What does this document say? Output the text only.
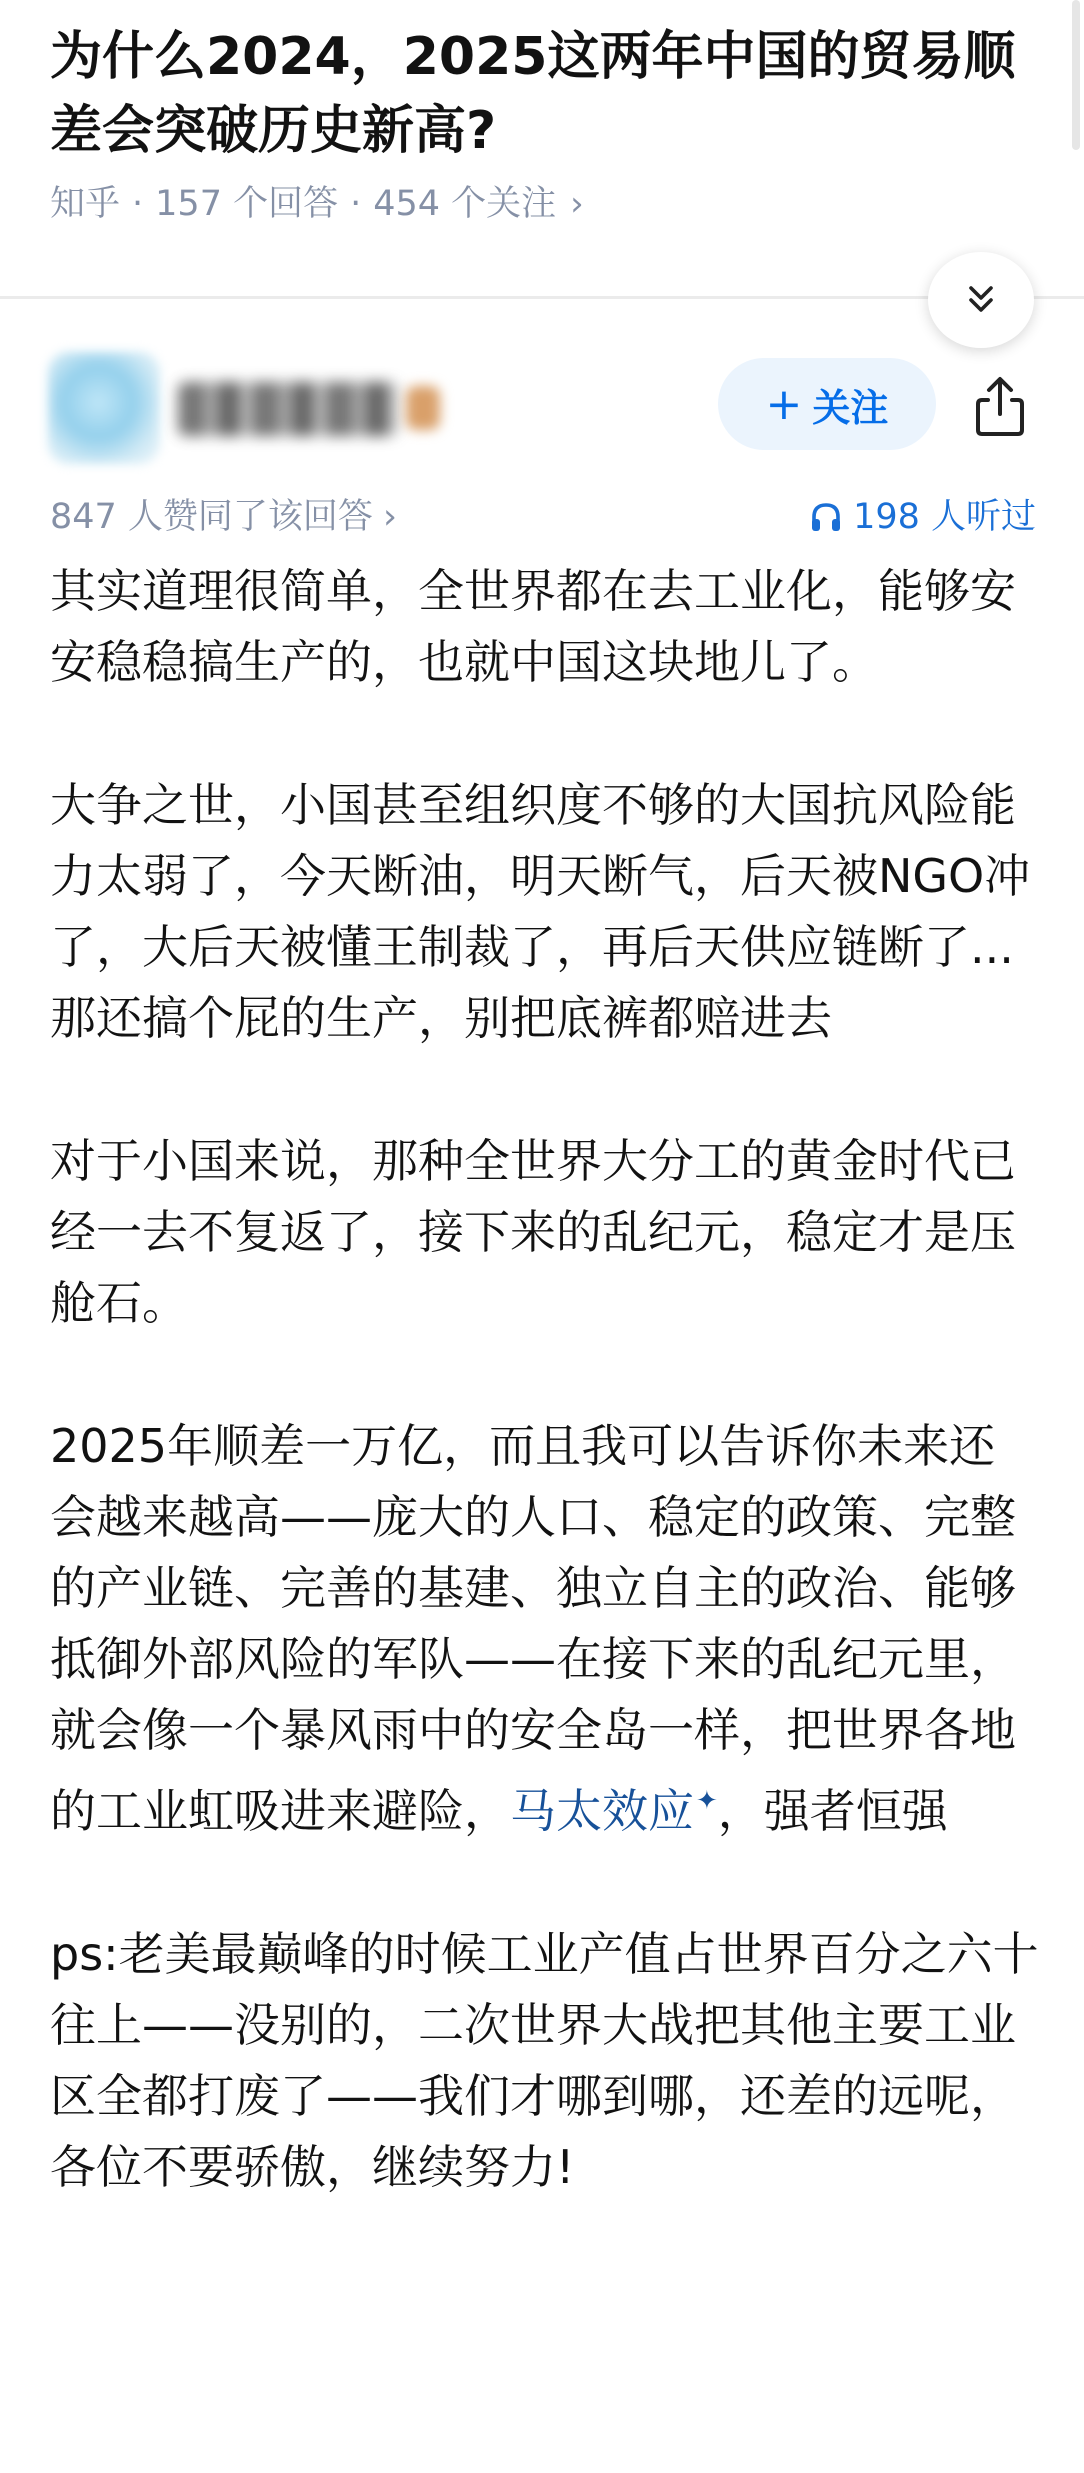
为什么2024，2025这两年中国的贸易顺差会突破历史新高?
知乎 · 157 个回答 · 454 个关注 ›
+ 关注
847 人赞同了该回答 ›	198 人听过

其实道理很简单，全世界都在去工业化，能够安安稳稳搞生产的，也就中国这块地儿了。

大争之世，小国甚至组织度不够的大国抗风险能力太弱了，今天断油，明天断气，后天被NGO冲了，大后天被懂王制裁了，再后天供应链断了...那还搞个屁的生产，别把底裤都赔进去

对于小国来说，那种全世界大分工的黄金时代已经一去不复返了，接下来的乱纪元，稳定才是压舱石。

2025年顺差一万亿，而且我可以告诉你未来还会越来越高——庞大的人口、稳定的政策、完整的产业链、完善的基建、独立自主的政治、能够抵御外部风险的军队——在接下来的乱纪元里，就会像一个暴风雨中的安全岛一样，把世界各地的工业虹吸进来避险，马太效应✦，强者恒强

ps:老美最巅峰的时候工业产值占世界百分之六十往上——没别的，二次世界大战把其他主要工业区全都打废了——我们才哪到哪，还差的远呢，各位不要骄傲，继续努力!
